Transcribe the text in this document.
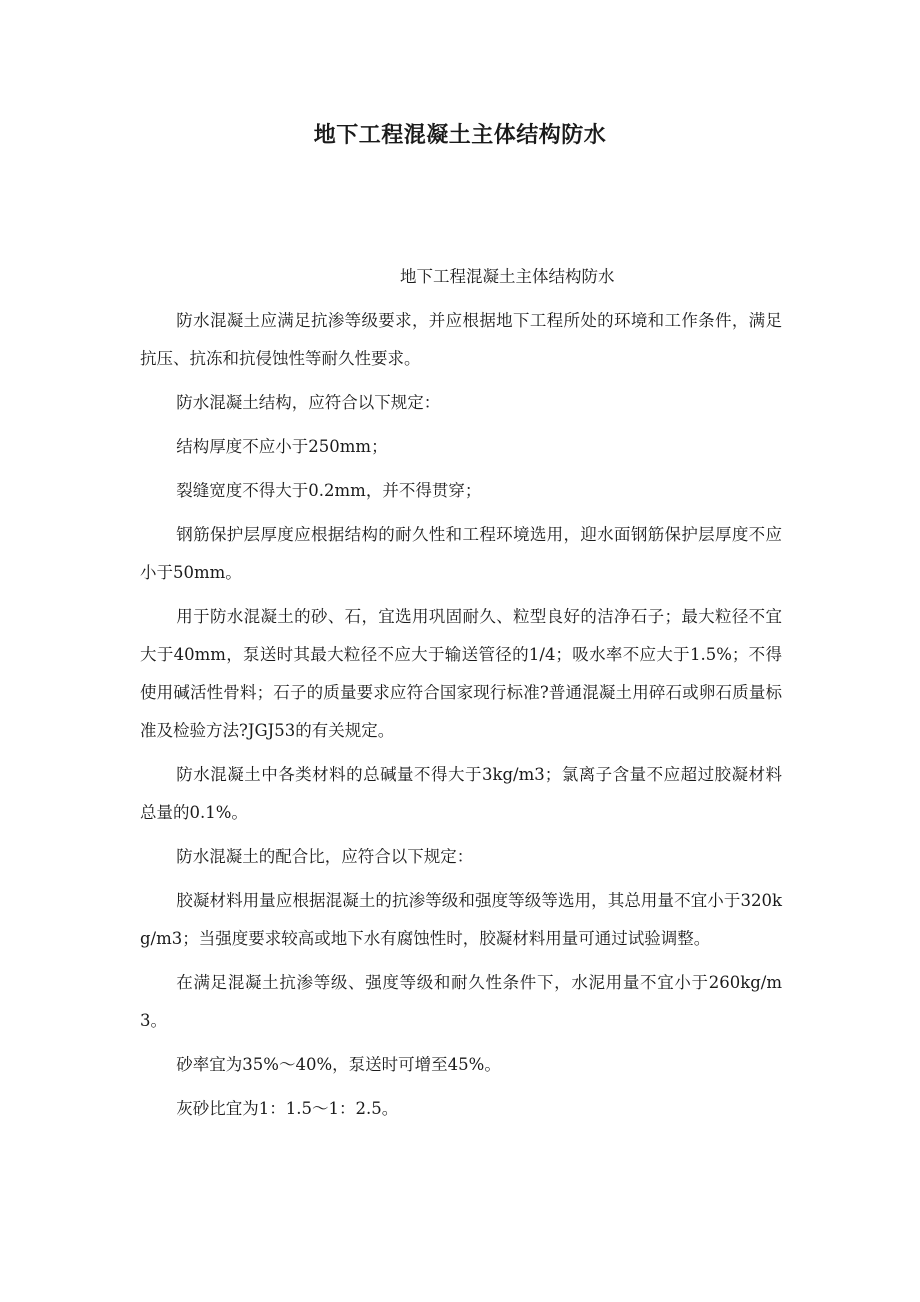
地下工程混凝土主体结构防水

地下工程混凝土主体结构防水

防水混凝土应满足抗渗等级要求，并应根据地下工程所处的环境和工作条件，满足抗压、抗冻和抗侵蚀性等耐久性要求。

防水混凝土结构，应符合以下规定：

结构厚度不应小于250mm；

裂缝宽度不得大于0.2mm，并不得贯穿；

钢筋保护层厚度应根据结构的耐久性和工程环境选用，迎水面钢筋保护层厚度不应小于50mm。

用于防水混凝土的砂、石，宜选用巩固耐久、粒型良好的洁净石子；最大粒径不宜大于40mm，泵送时其最大粒径不应大于输送管径的1/4；吸水率不应大于1.5%；不得使用碱活性骨料；石子的质量要求应符合国家现行标准?普通混凝土用碎石或卵石质量标准及检验方法?JGJ53的有关规定。

防水混凝土中各类材料的总碱量不得大于3kg/m3；氯离子含量不应超过胶凝材料总量的0.1%。

防水混凝土的配合比，应符合以下规定：

胶凝材料用量应根据混凝土的抗渗等级和强度等级等选用，其总用量不宜小于320kg/m3；当强度要求较高或地下水有腐蚀性时，胶凝材料用量可通过试验调整。

在满足混凝土抗渗等级、强度等级和耐久性条件下，水泥用量不宜小于260kg/m3。

砂率宜为35%～40%，泵送时可增至45%。

灰砂比宜为1：1.5～1：2.5。
